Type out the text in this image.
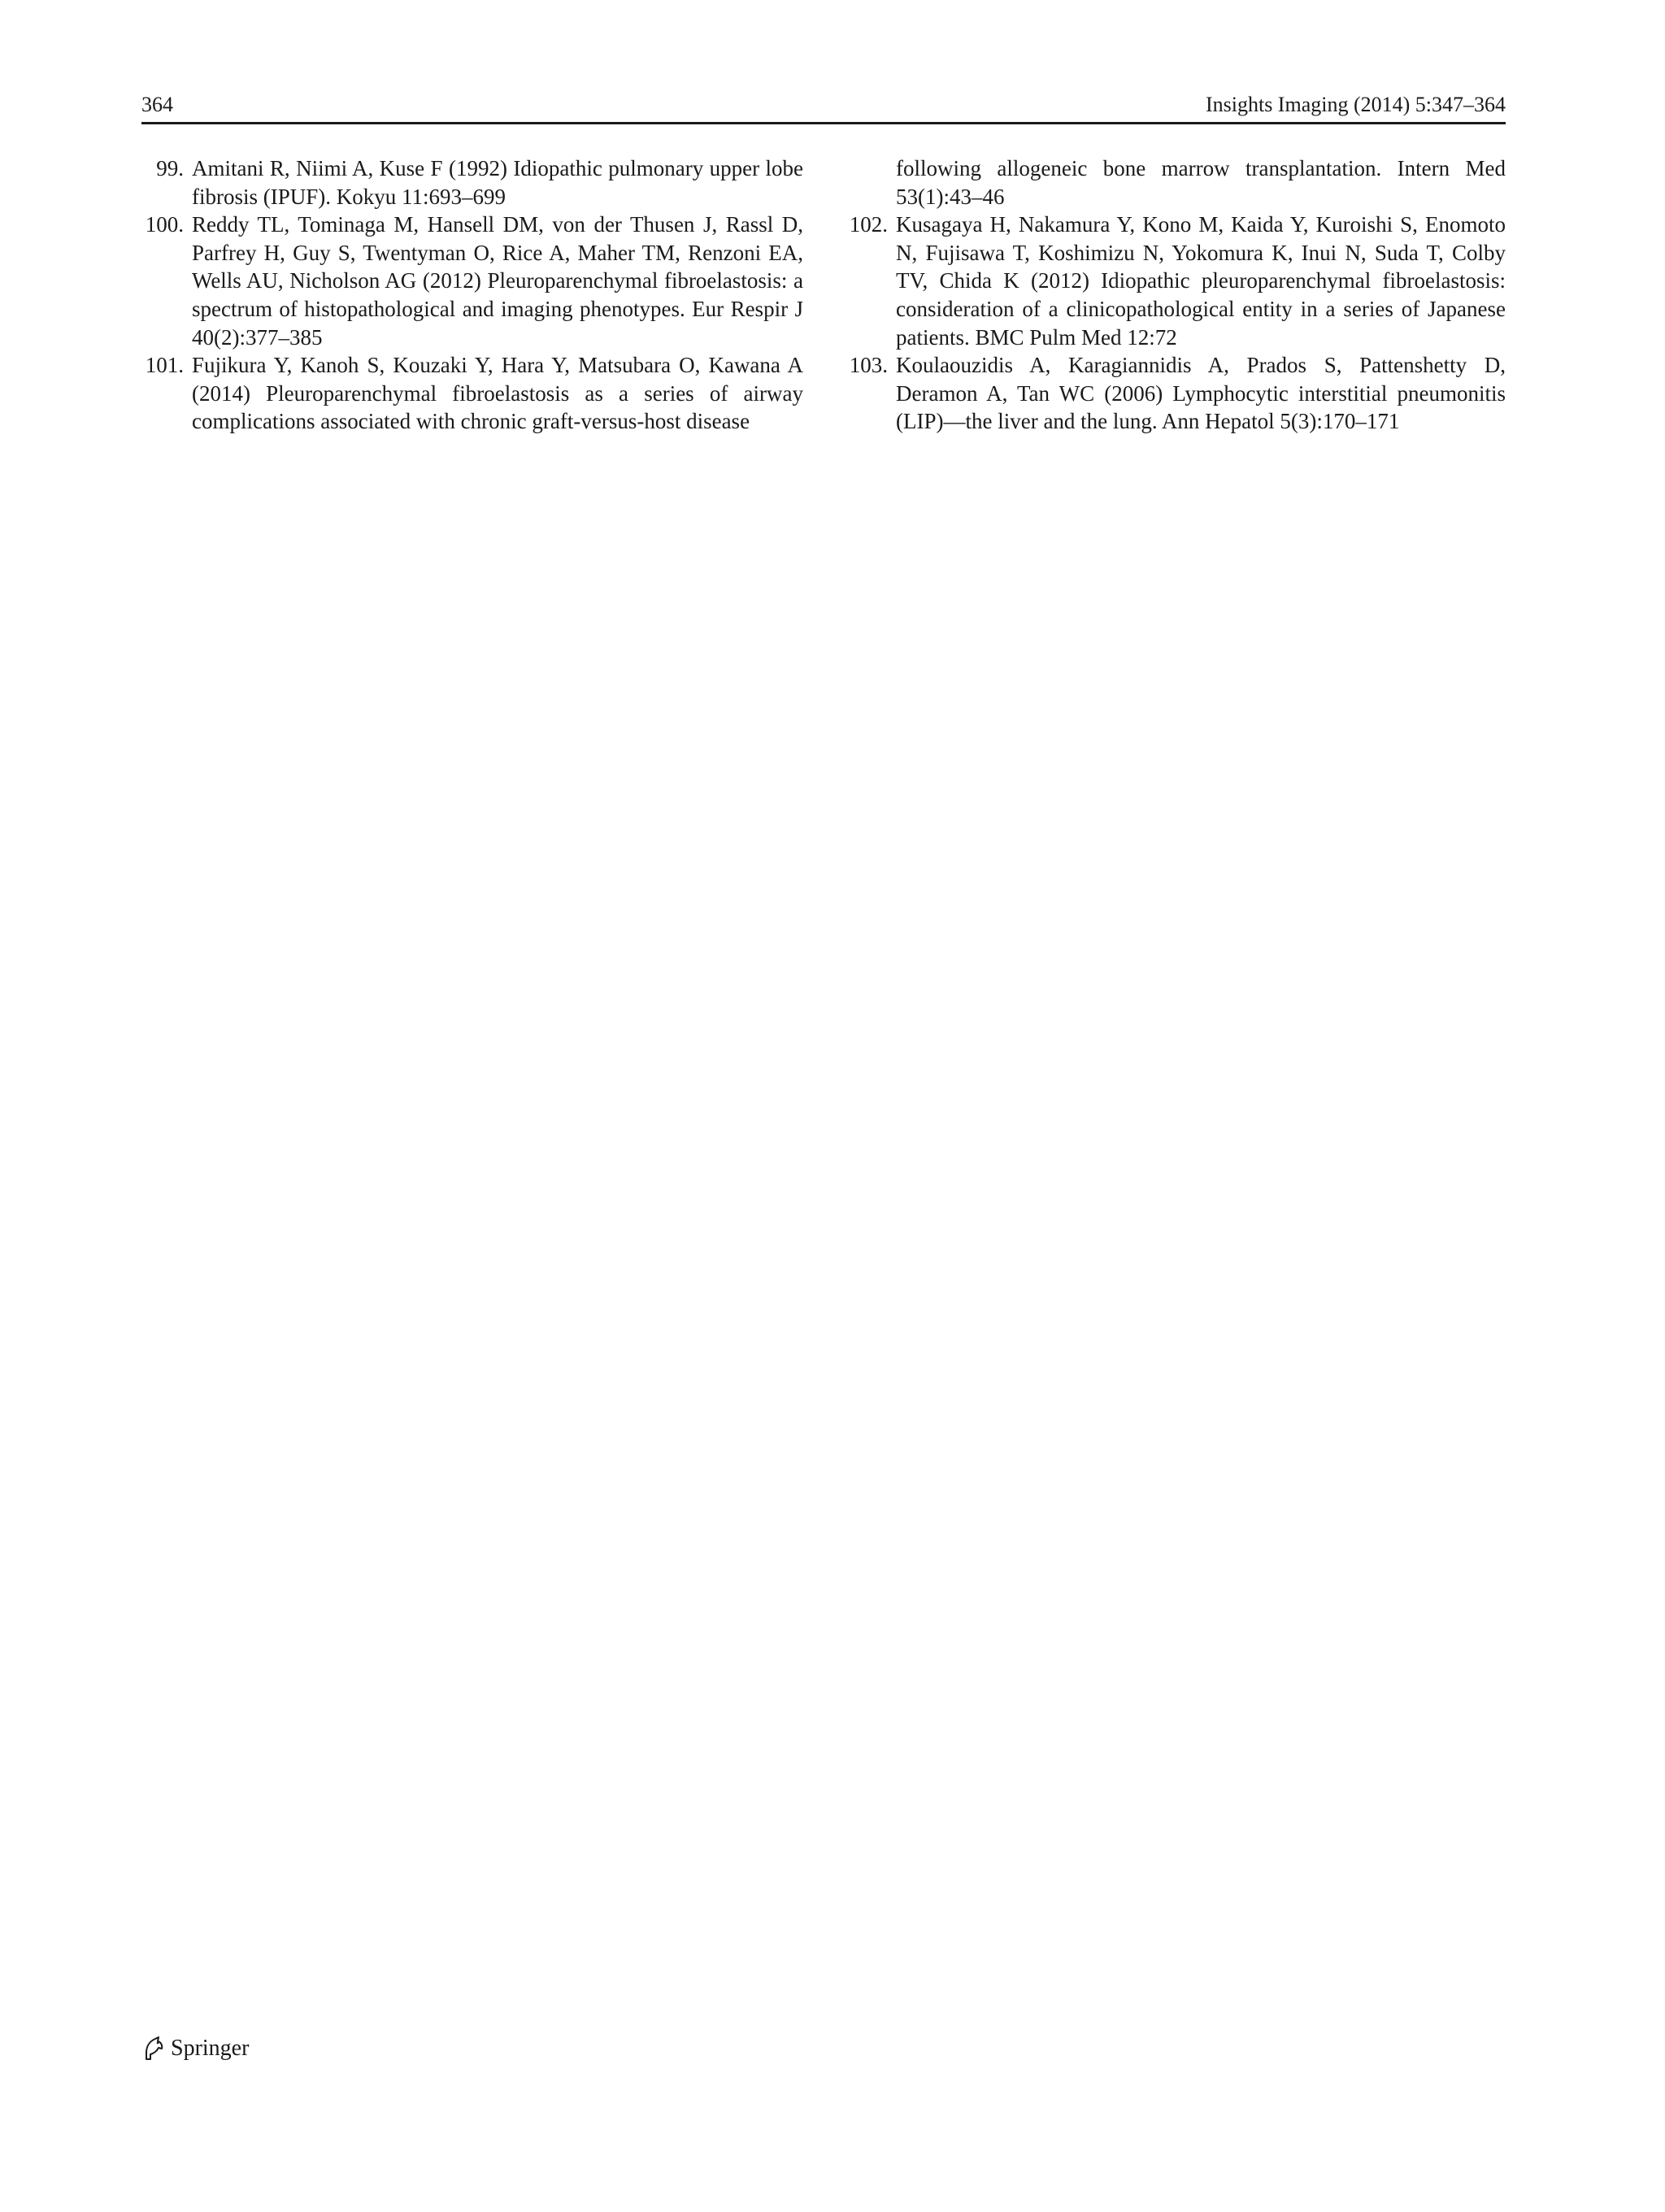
364	Insights Imaging (2014) 5:347–364
99. Amitani R, Niimi A, Kuse F (1992) Idiopathic pulmonary upper lobe fibrosis (IPUF). Kokyu 11:693–699
100. Reddy TL, Tominaga M, Hansell DM, von der Thusen J, Rassl D, Parfrey H, Guy S, Twentyman O, Rice A, Maher TM, Renzoni EA, Wells AU, Nicholson AG (2012) Pleuroparenchymal fibroelastosis: a spectrum of histopathological and imaging phenotypes. Eur Respir J 40(2):377–385
101. Fujikura Y, Kanoh S, Kouzaki Y, Hara Y, Matsubara O, Kawana A (2014) Pleuroparenchymal fibroelastosis as a series of airway complications associated with chronic graft-versus-host disease
following allogeneic bone marrow transplantation. Intern Med 53(1):43–46
102. Kusagaya H, Nakamura Y, Kono M, Kaida Y, Kuroishi S, Enomoto N, Fujisawa T, Koshimizu N, Yokomura K, Inui N, Suda T, Colby TV, Chida K (2012) Idiopathic pleuroparenchymal fibroelastosis: consideration of a clinicopathological entity in a series of Japanese patients. BMC Pulm Med 12:72
103. Koulaouzidis A, Karagiannidis A, Prados S, Pattenshetty D, Deramon A, Tan WC (2006) Lymphocytic interstitial pneumonitis (LIP)—the liver and the lung. Ann Hepatol 5(3):170–171
Springer
